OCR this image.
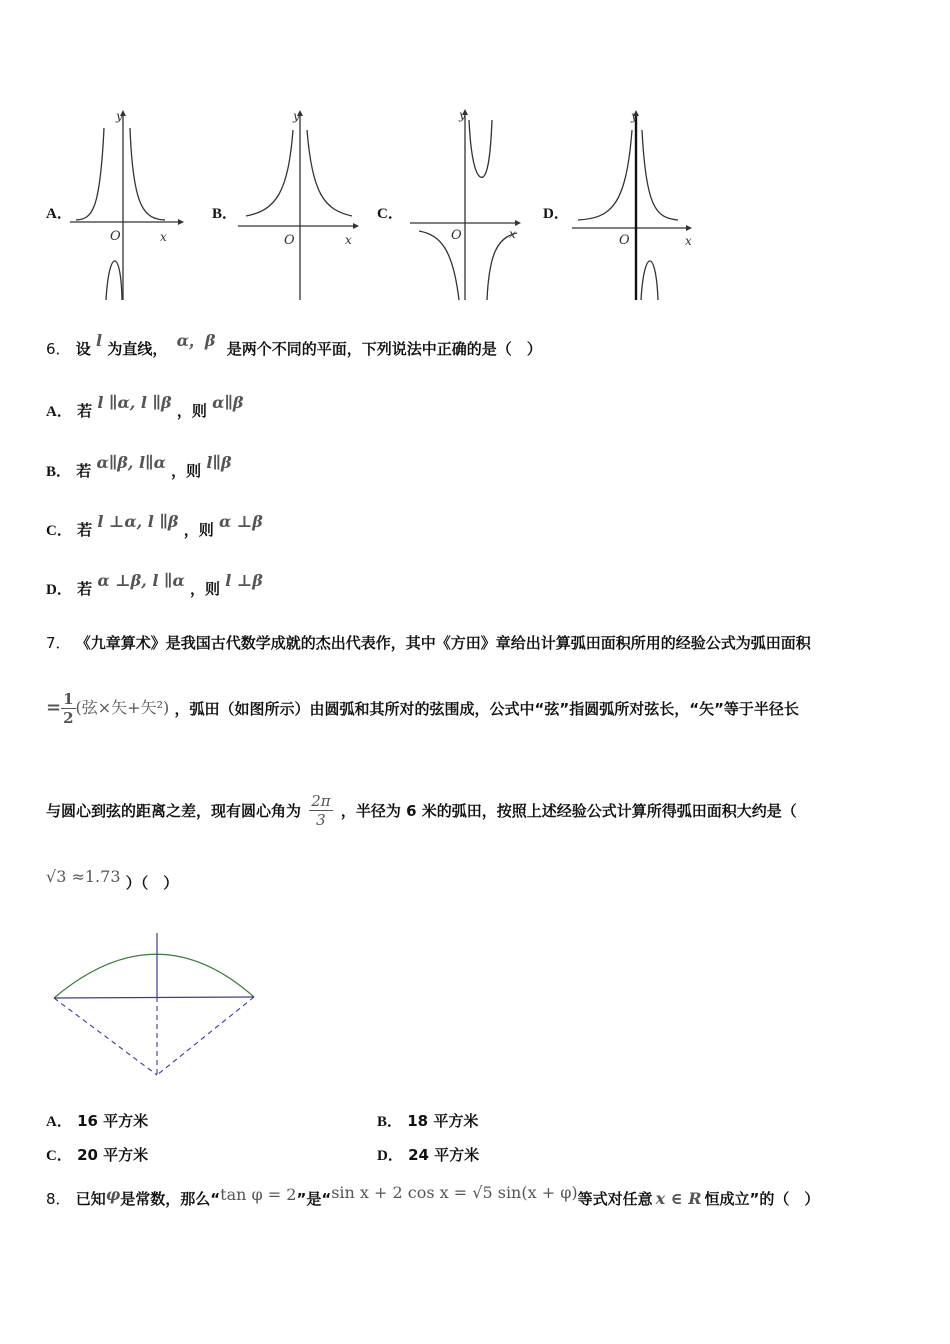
A．
O	x
y
B．
O	x
y
C．
O	x
y
D．
O	x
y
6． 设 l 为直线， α，β 是两个不同的平面，下列说法中正确的是（　）
A． 若 l ∥α, l ∥β ，则 α∥β
B． 若 α∥β, l∥α ，则 l∥β
C． 若 l ⊥α, l ∥β ，则 α ⊥β
D． 若 α ⊥β, l ∥α ，则 l ⊥β
7． 《九章算术》是我国古代数学成就的杰出代表作，其中《方田》章给出计算弧田面积所用的经验公式为弧田面积
= $\frac{1}{2}$ (弦×矢+矢²) ，弧田（如图所示）由圆弧和其所对的弦围成，公式中“弦”指圆弧所对弦长，“矢”等于半径长
与圆心到弦的距离之差，现有圆心角为 $\frac{2\pi}{3}$ ，半径为 6 米的弧田，按照上述经验公式计算所得弧田面积大约是（
√3 ≈1.73 ）（　）
A． 16 平方米	B． 18 平方米
C． 20 平方米	D． 24 平方米
8． 已知φ是常数，那么“tan φ = 2”是“sin x + 2 cos x = √5 sin(x + φ)等式对任意 x ∈ R 恒成立”的（　）
